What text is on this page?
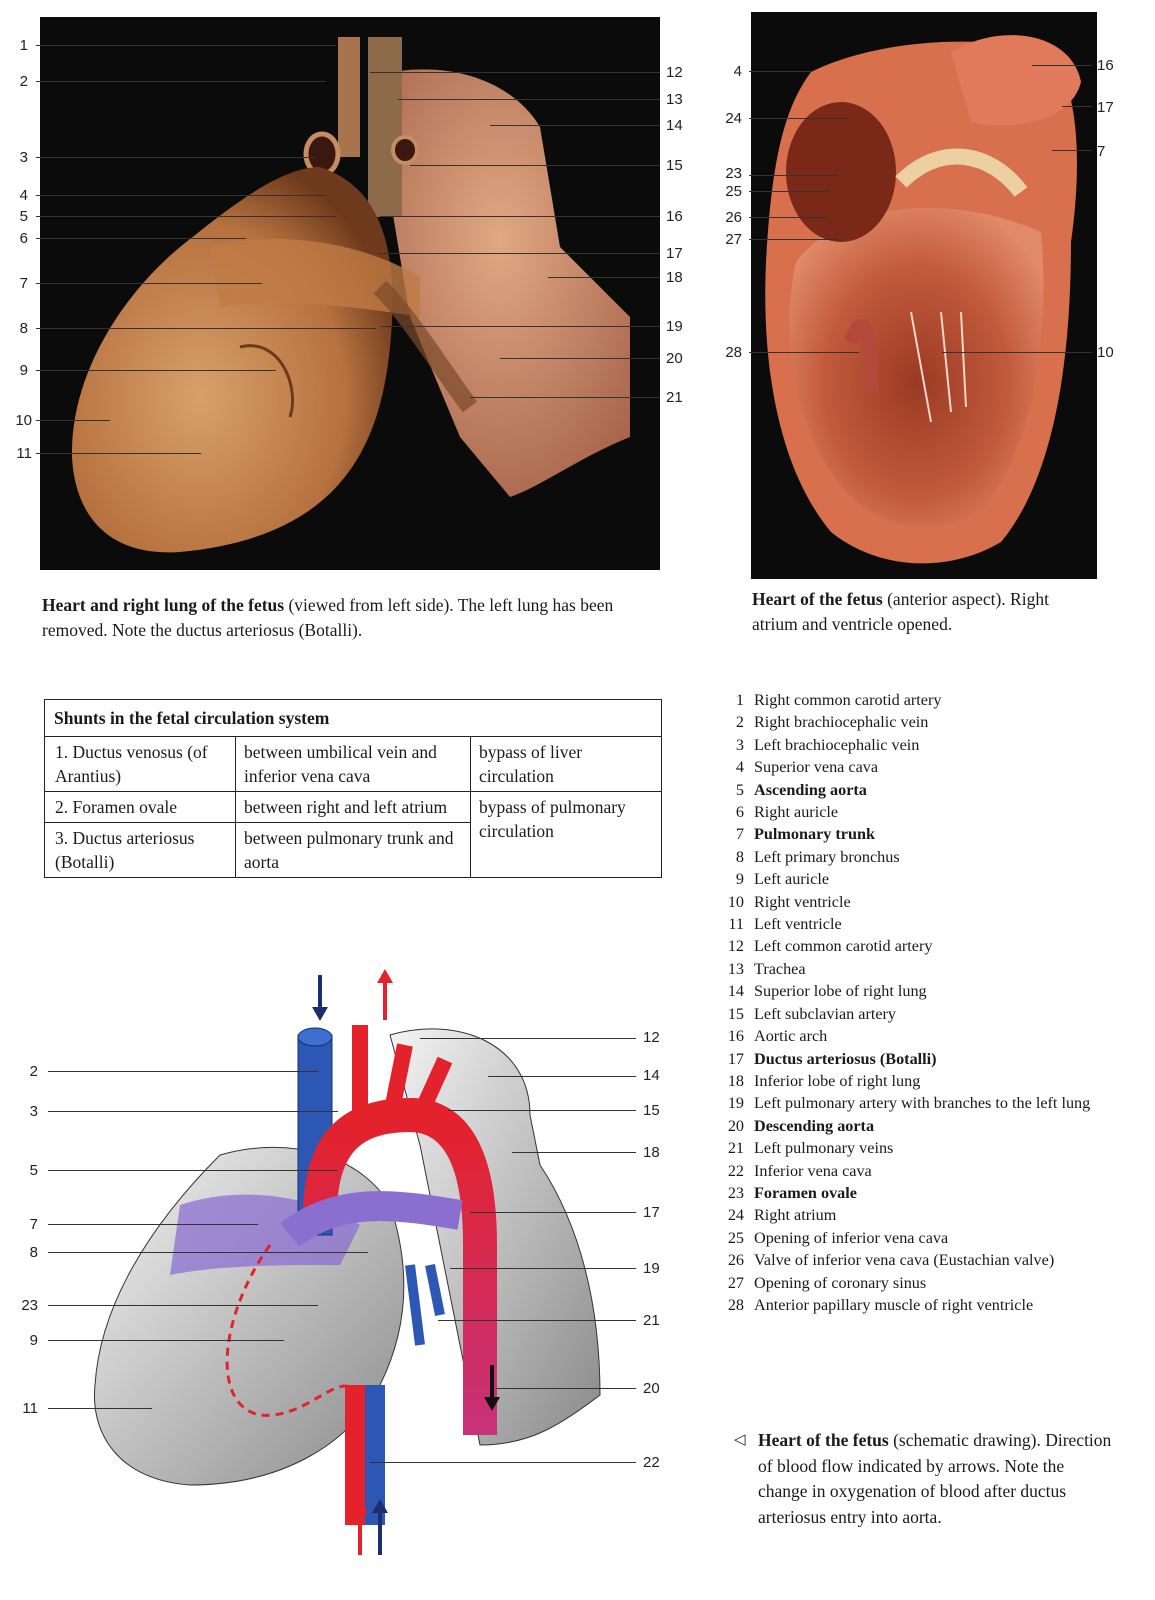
1
2
3
4
5
6
7
8
9
10
11
12
13
14
15
16
17
18
19
20
21
Heart and right lung of the fetus (viewed from left side). The left lung has been removed. Note the ductus arteriosus (Botalli).
4
24
23
25
26
27
28
16
17
7
10
Heart of the fetus (anterior aspect). Right atrium and ventricle opened.
Shunts in the fetal circulation system		
1. Ductus venosus (of Arantius)	between umbilical vein and inferior vena cava	bypass of liver circulation
2. Foramen ovale	between right and left atrium	bypass of pulmonary circulation
3. Ductus arteriosus (Botalli)	between pulmonary trunk and aorta	
1 Right common carotid artery
2 Right brachiocephalic vein
3 Left brachiocephalic vein
4 Superior vena cava
5 Ascending aorta
6 Right auricle
7 Pulmonary trunk
8 Left primary bronchus
9 Left auricle
10 Right ventricle
11 Left ventricle
12 Left common carotid artery
13 Trachea
14 Superior lobe of right lung
15 Left subclavian artery
16 Aortic arch
17 Ductus arteriosus (Botalli)
18 Inferior lobe of right lung
19 Left pulmonary artery with branches to the left lung
20 Descending aorta
21 Left pulmonary veins
22 Inferior vena cava
23 Foramen ovale
24 Right atrium
25 Opening of inferior vena cava
26 Valve of inferior vena cava (Eustachian valve)
27 Opening of coronary sinus
28 Anterior papillary muscle of right ventricle
2
3
5
7
8
23
9
11
12
14
15
18
17
19
21
20
22
◁ Heart of the fetus (schematic drawing). Direction of blood flow indicated by arrows. Note the change in oxygenation of blood after ductus arteriosus entry into aorta.
